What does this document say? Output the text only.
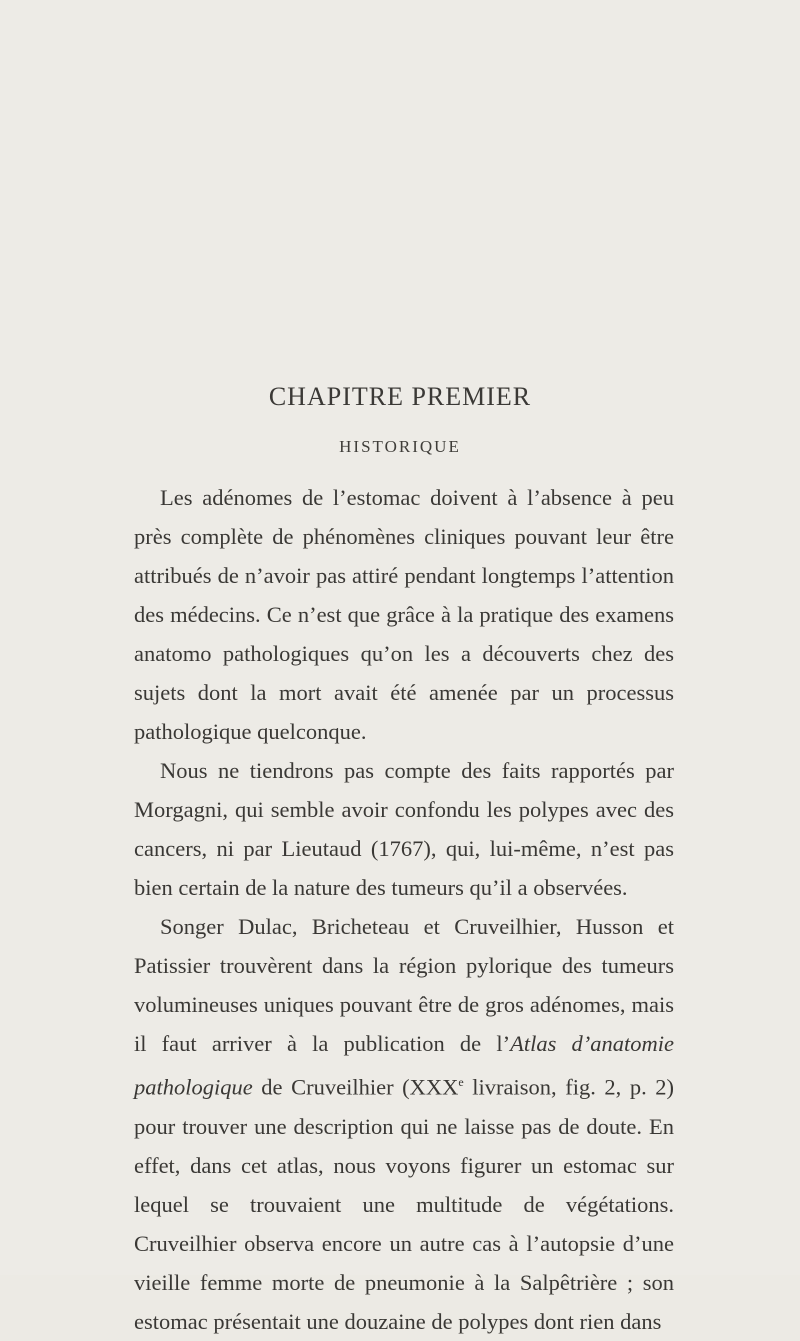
CHAPITRE PREMIER
HISTORIQUE

Les adénomes de l’estomac doivent à l’absence à peu près complète de phénomènes cliniques pouvant leur être attribués de n’avoir pas attiré pendant longtemps l’attention des médecins. Ce n’est que grâce à la pratique des examens anatomo pathologiques qu’on les a découverts chez des sujets dont la mort avait été amenée par un processus pathologique quelconque.

Nous ne tiendrons pas compte des faits rapportés par Morgagni, qui semble avoir confondu les polypes avec des cancers, ni par Lieutaud (1767), qui, lui-même, n’est pas bien certain de la nature des tumeurs qu’il a observées.

Songer Dulac, Bricheteau et Cruveilhier, Husson et Patissier trouvèrent dans la région pylorique des tumeurs volumineuses uniques pouvant être de gros adénomes, mais il faut arriver à la publication de l’Atlas d’anatomie pathologique de Cruveilhier (XXXe livraison, fig. 2, p. 2) pour trouver une description qui ne laisse pas de doute. En effet, dans cet atlas, nous voyons figurer un estomac sur lequel se trouvaient une multitude de végétations. Cruveilhier observa encore un autre cas à l’autopsie d’une vieille femme morte de pneumonie à la Salpêtrière ; son estomac présentait une douzaine de polypes dont rien dans
